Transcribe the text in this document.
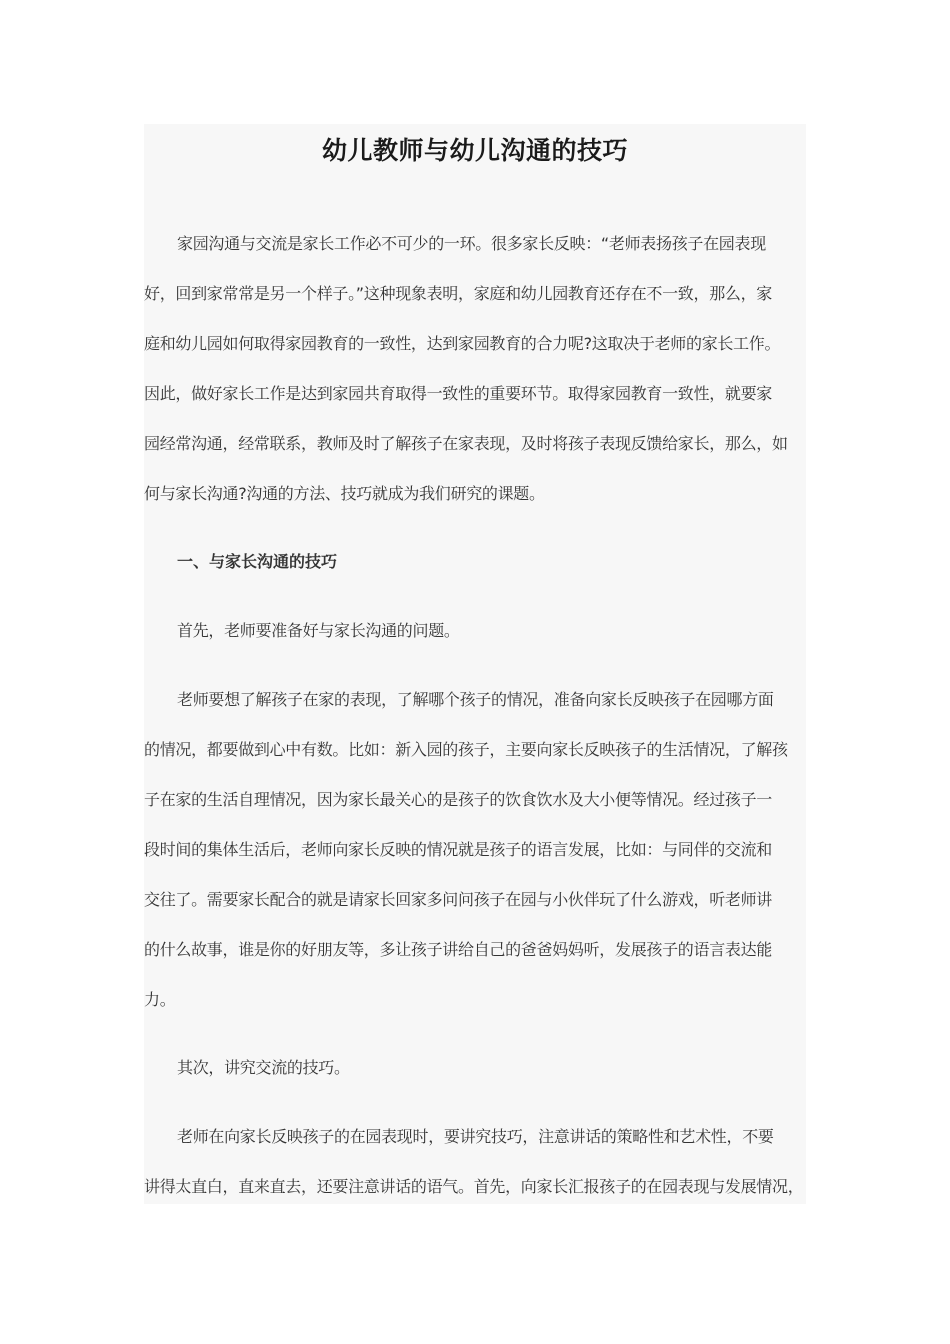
幼儿教师与幼儿沟通的技巧
家园沟通与交流是家长工作必不可少的一环。很多家长反映：“老师表扬孩子在园表现
好，回到家常常是另一个样子。”这种现象表明，家庭和幼儿园教育还存在不一致，那么，家
庭和幼儿园如何取得家园教育的一致性，达到家园教育的合力呢?这取决于老师的家长工作。
因此，做好家长工作是达到家园共育取得一致性的重要环节。取得家园教育一致性，就要家
园经常沟通，经常联系，教师及时了解孩子在家表现，及时将孩子表现反馈给家长，那么，如
何与家长沟通?沟通的方法、技巧就成为我们研究的课题。
一、与家长沟通的技巧
首先，老师要准备好与家长沟通的问题。
老师要想了解孩子在家的表现，了解哪个孩子的情况，准备向家长反映孩子在园哪方面
的情况，都要做到心中有数。比如：新入园的孩子，主要向家长反映孩子的生活情况，了解孩
子在家的生活自理情况，因为家长最关心的是孩子的饮食饮水及大小便等情况。经过孩子一
段时间的集体生活后，老师向家长反映的情况就是孩子的语言发展，比如：与同伴的交流和
交往了。需要家长配合的就是请家长回家多问问孩子在园与小伙伴玩了什么游戏，听老师讲
的什么故事，谁是你的好朋友等，多让孩子讲给自己的爸爸妈妈听，发展孩子的语言表达能
力。
其次，讲究交流的技巧。
老师在向家长反映孩子的在园表现时，要讲究技巧，注意讲话的策略性和艺术性，不要
讲得太直白，直来直去，还要注意讲话的语气。首先，向家长汇报孩子的在园表现与发展情况，
